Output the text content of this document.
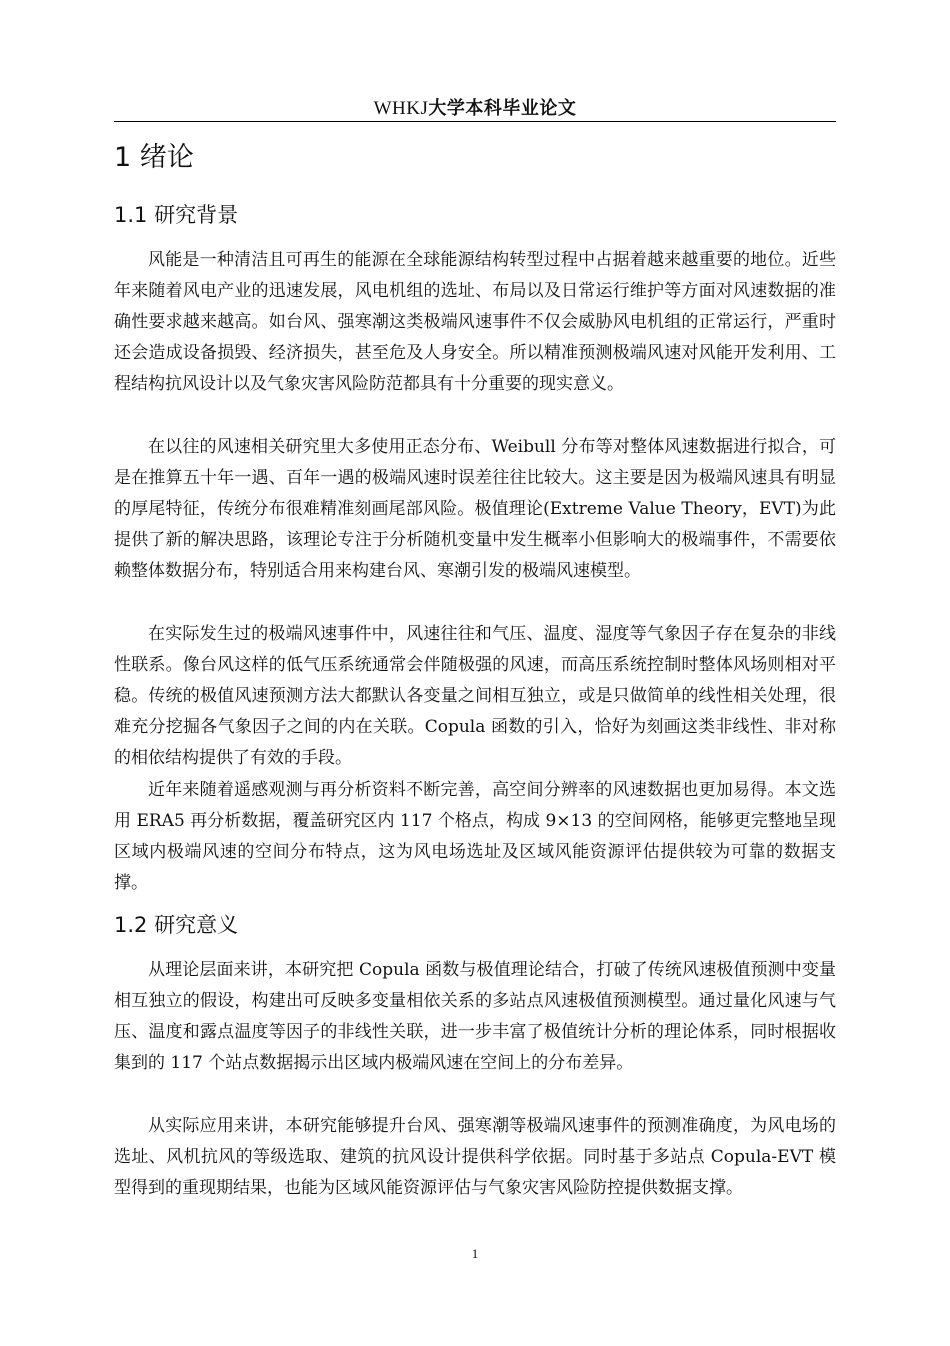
WHKJ大学本科毕业论文
1 绪论
1.1 研究背景

风能是一种清洁且可再生的能源在全球能源结构转型过程中占据着越来越重要的地位。近些年来随着风电产业的迅速发展，风电机组的选址、布局以及日常运行维护等方面对风速数据的准确性要求越来越高。如台风、强寒潮这类极端风速事件不仅会威胁风电机组的正常运行，严重时还会造成设备损毁、经济损失，甚至危及人身安全。所以精准预测极端风速对风能开发利用、工程结构抗风设计以及气象灾害风险防范都具有十分重要的现实意义。

在以往的风速相关研究里大多使用正态分布、Weibull 分布等对整体风速数据进行拟合，可是在推算五十年一遇、百年一遇的极端风速时误差往往比较大。这主要是因为极端风速具有明显的厚尾特征，传统分布很难精准刻画尾部风险。极值理论(Extreme Value Theory，EVT)为此提供了新的解决思路，该理论专注于分析随机变量中发生概率小但影响大的极端事件，不需要依赖整体数据分布，特别适合用来构建台风、寒潮引发的极端风速模型。

在实际发生过的极端风速事件中，风速往往和气压、温度、湿度等气象因子存在复杂的非线性联系。像台风这样的低气压系统通常会伴随极强的风速，而高压系统控制时整体风场则相对平稳。传统的极值风速预测方法大都默认各变量之间相互独立，或是只做简单的线性相关处理，很难充分挖掘各气象因子之间的内在关联。Copula 函数的引入，恰好为刻画这类非线性、非对称的相依结构提供了有效的手段。

近年来随着遥感观测与再分析资料不断完善，高空间分辨率的风速数据也更加易得。本文选用 ERA5 再分析数据，覆盖研究区内 117 个格点，构成 9×13 的空间网格，能够更完整地呈现区域内极端风速的空间分布特点，这为风电场选址及区域风能资源评估提供较为可靠的数据支撑。

1.2 研究意义

从理论层面来讲，本研究把 Copula 函数与极值理论结合，打破了传统风速极值预测中变量相互独立的假设，构建出可反映多变量相依关系的多站点风速极值预测模型。通过量化风速与气压、温度和露点温度等因子的非线性关联，进一步丰富了极值统计分析的理论体系，同时根据收集到的 117 个站点数据揭示出区域内极端风速在空间上的分布差异。

从实际应用来讲，本研究能够提升台风、强寒潮等极端风速事件的预测准确度，为风电场的选址、风机抗风的等级选取、建筑的抗风设计提供科学依据。同时基于多站点 Copula-EVT 模型得到的重现期结果，也能为区域风能资源评估与气象灾害风险防控提供数据支撑。

1
